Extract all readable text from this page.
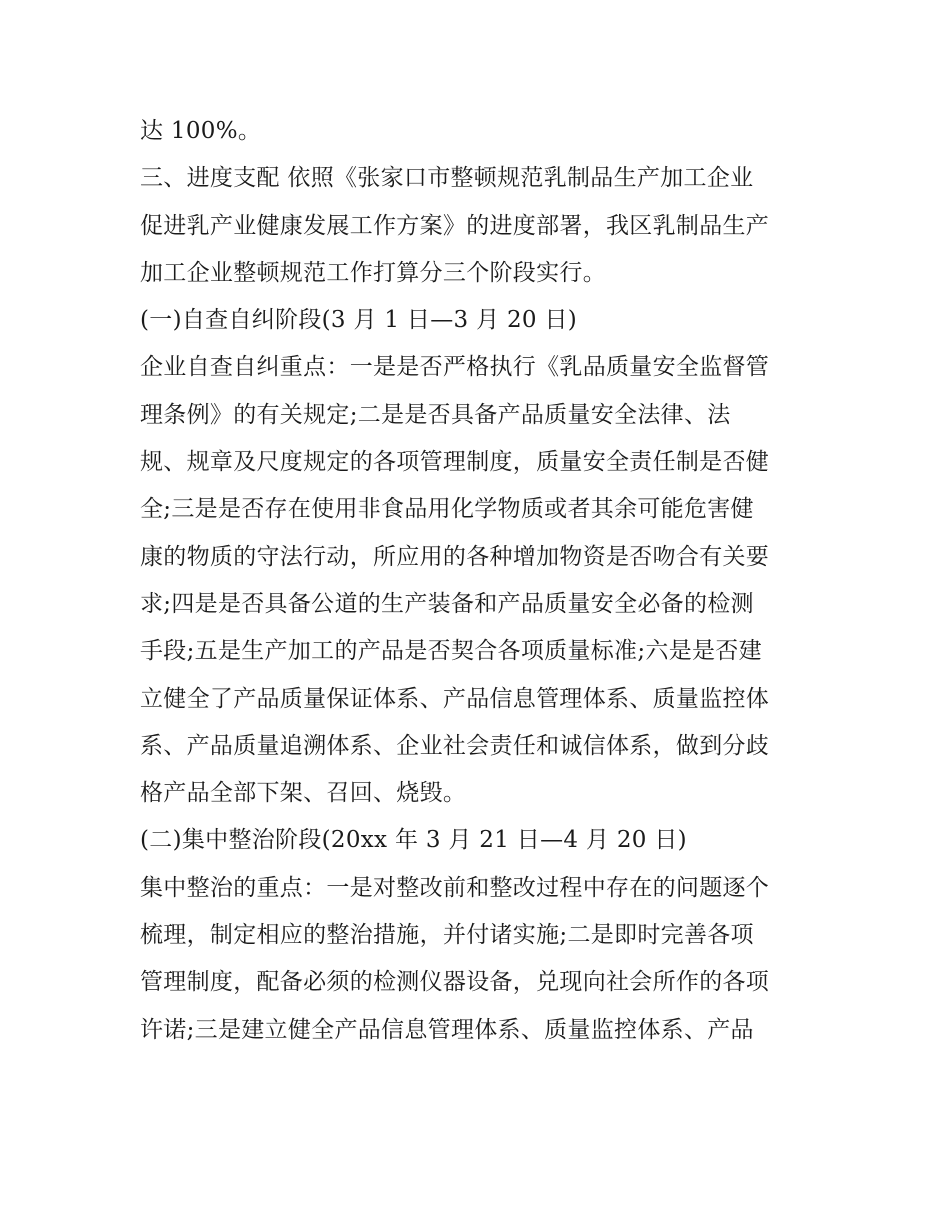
达 100%。
三、进度支配 依照《张家口市整顿规范乳制品生产加工企业
促进乳产业健康发展工作方案》的进度部署，我区乳制品生产
加工企业整顿规范工作打算分三个阶段实行。
(一)自查自纠阶段(3 月 1 日—3 月 20 日)
企业自查自纠重点：一是是否严格执行《乳品质量安全监督管
理条例》的有关规定;二是是否具备产品质量安全法律、法
规、规章及尺度规定的各项管理制度，质量安全责任制是否健
全;三是是否存在使用非食品用化学物质或者其余可能危害健
康的物质的守法行动，所应用的各种增加物资是否吻合有关要
求;四是是否具备公道的生产装备和产品质量安全必备的检测
手段;五是生产加工的产品是否契合各项质量标准;六是是否建
立健全了产品质量保证体系、产品信息管理体系、质量监控体
系、产品质量追溯体系、企业社会责任和诚信体系，做到分歧
格产品全部下架、召回、烧毁。
(二)集中整治阶段(20xx 年 3 月 21 日—4 月 20 日)
集中整治的重点：一是对整改前和整改过程中存在的问题逐个
梳理，制定相应的整治措施，并付诸实施;二是即时完善各项
管理制度，配备必须的检测仪器设备，兑现向社会所作的各项
许诺;三是建立健全产品信息管理体系、质量监控体系、产品
